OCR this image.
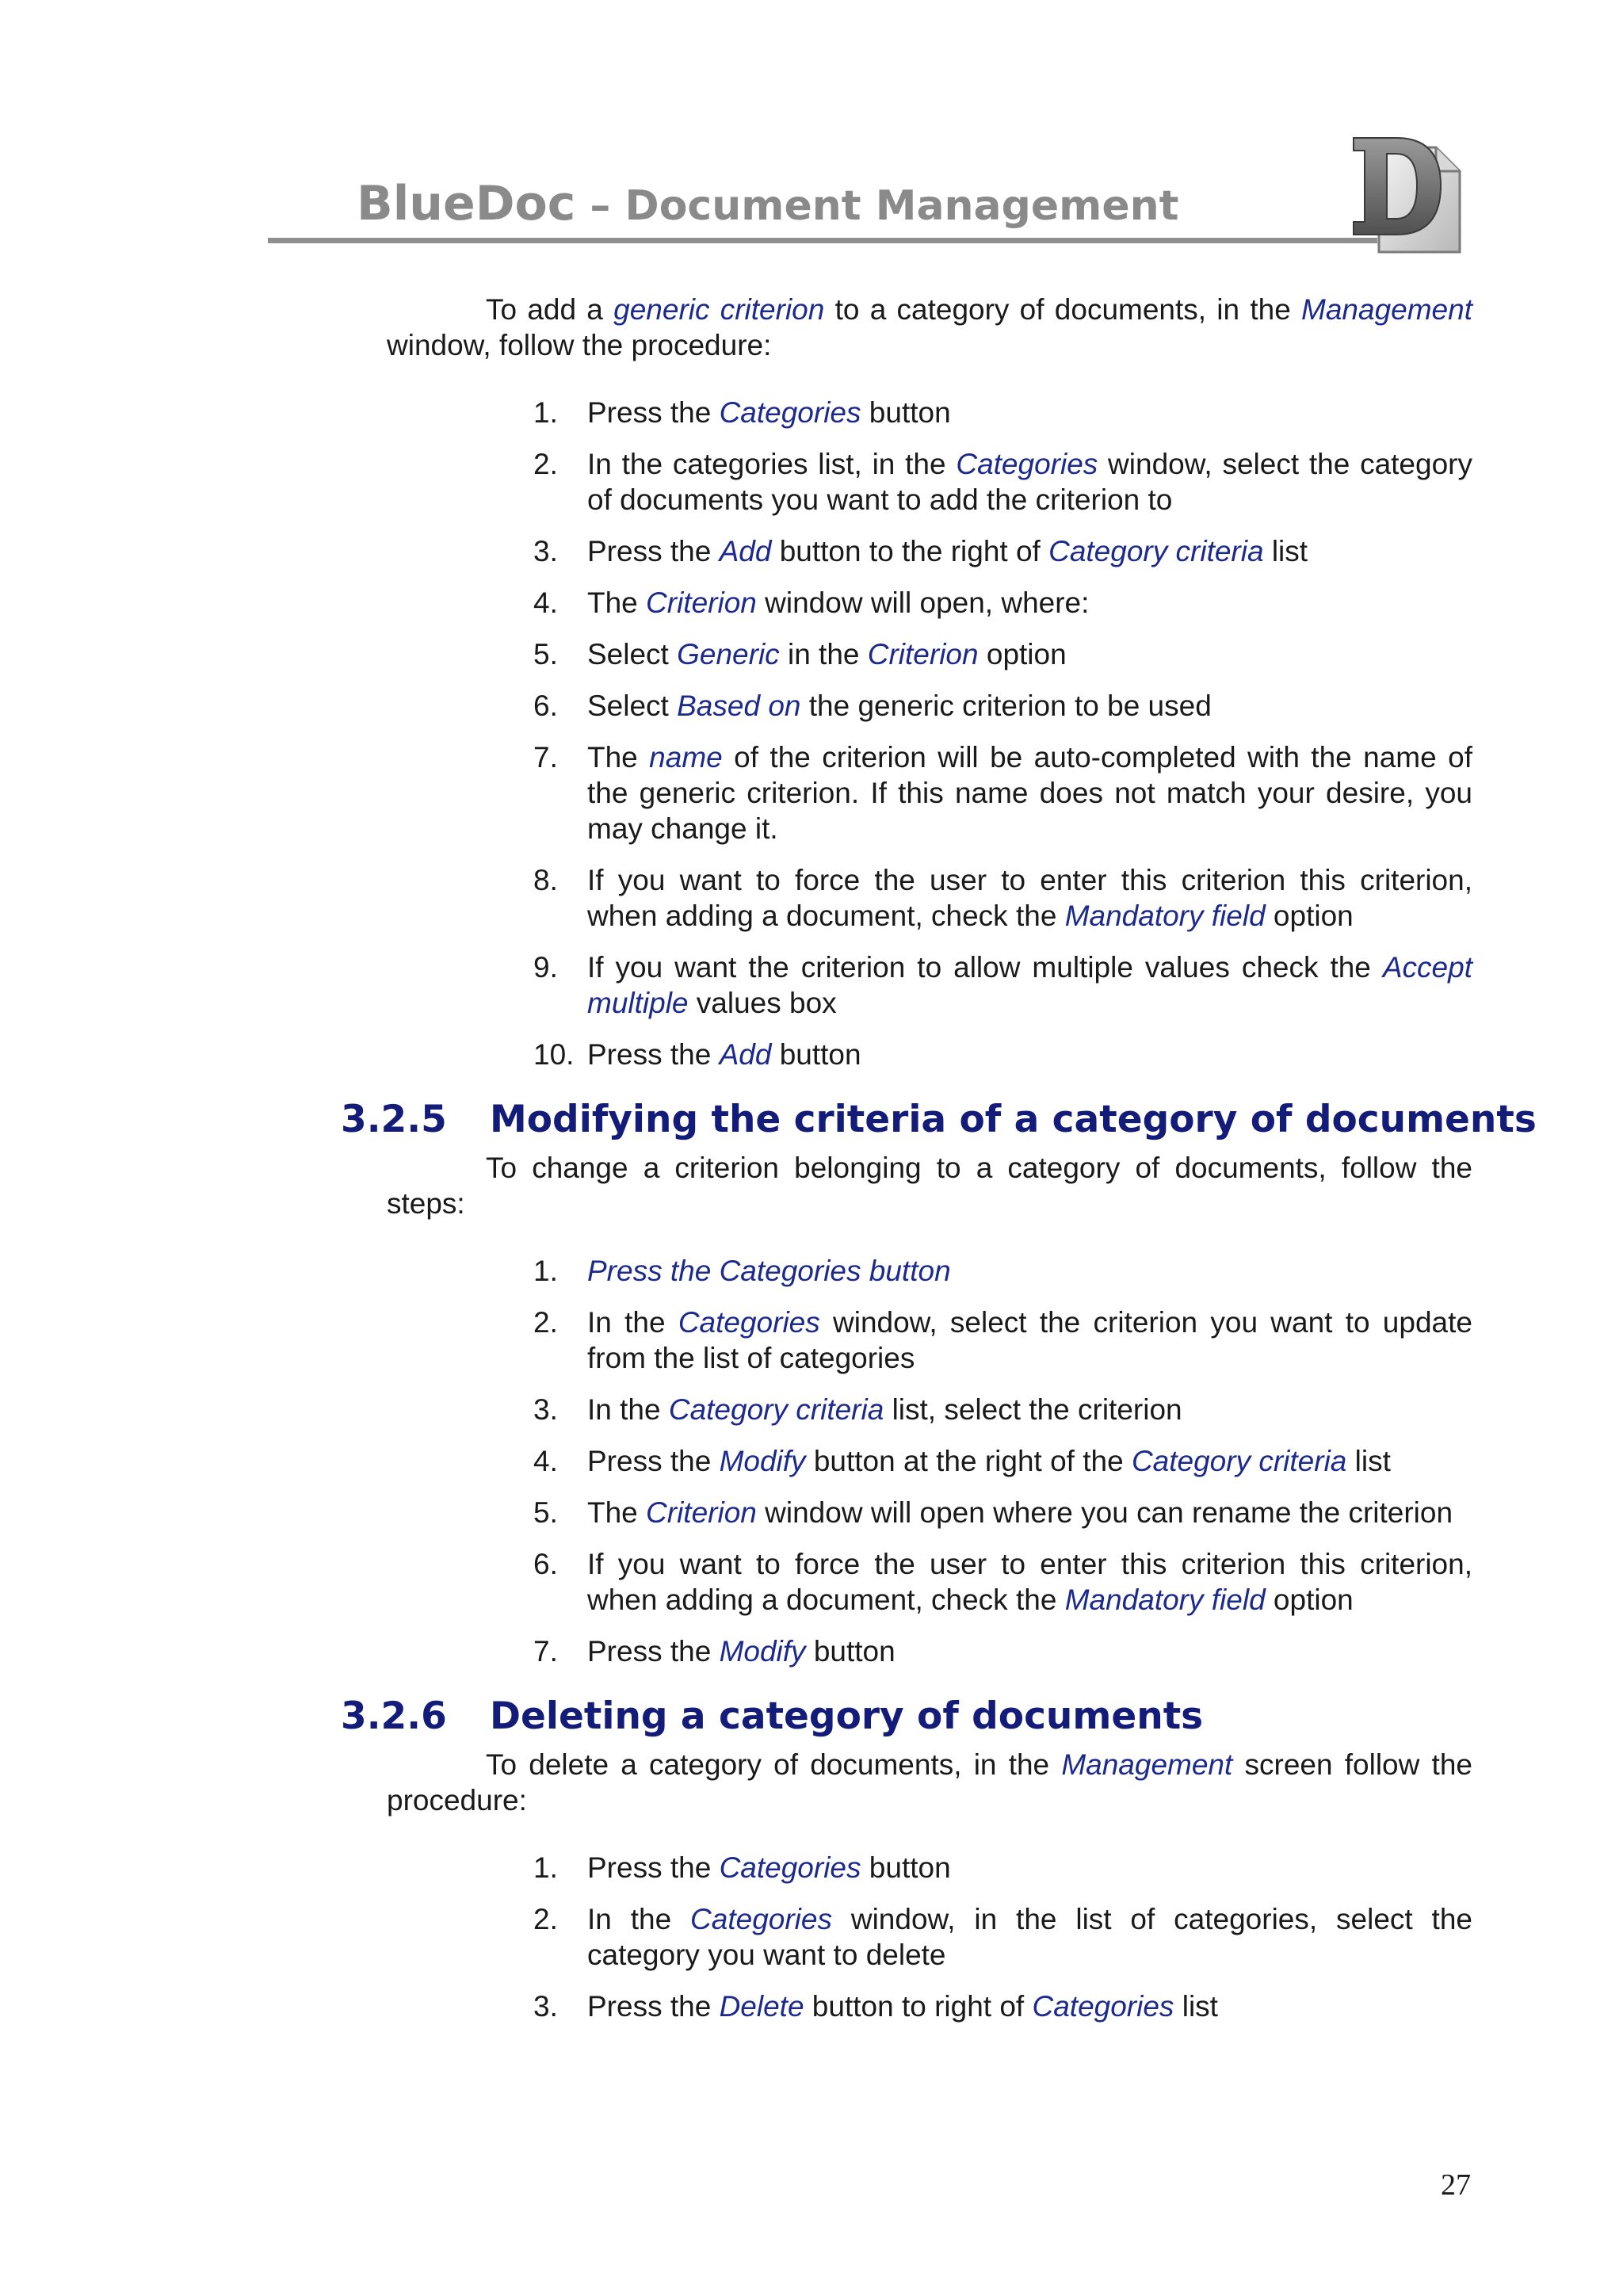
BlueDoc – Document Management

To add a generic criterion to a category of documents, in the Management window, follow the procedure:

1.	Press the Categories button
2.	In the categories list, in the Categories window, select the category of documents you want to add the criterion to
3.	Press the Add button to the right of Category criteria list
4.	The Criterion window will open, where:
5.	Select Generic in the Criterion option
6.	Select Based on the generic criterion to be used
7.	The name of the criterion will be auto-completed with the name of the generic criterion. If this name does not match your desire, you may change it.
8.	If you want to force the user to enter this criterion this criterion, when adding a document, check the Mandatory field option
9.	If you want the criterion to allow multiple values check the Accept multiple values box
10. Press the Add button
3.2.5 Modifying the criteria of a category of documents

To change a criterion belonging to a category of documents, follow the steps:

1.	Press the Categories button
2.	In the Categories window, select the criterion you want to update from the list of categories
3.	In the Category criteria list, select the criterion
4.	Press the Modify button at the right of the Category criteria list
5.	The Criterion window will open where you can rename the criterion
6.	If you want to force the user to enter this criterion this criterion, when adding a document, check the Mandatory field option
7.	Press the Modify button
3.2.6 Deleting a category of documents

To delete a category of documents, in the Management screen follow the procedure:

1.	Press the Categories button
2.	In the Categories window, in the list of categories, select the category you want to delete
3.	Press the Delete button to right of Categories list
27
